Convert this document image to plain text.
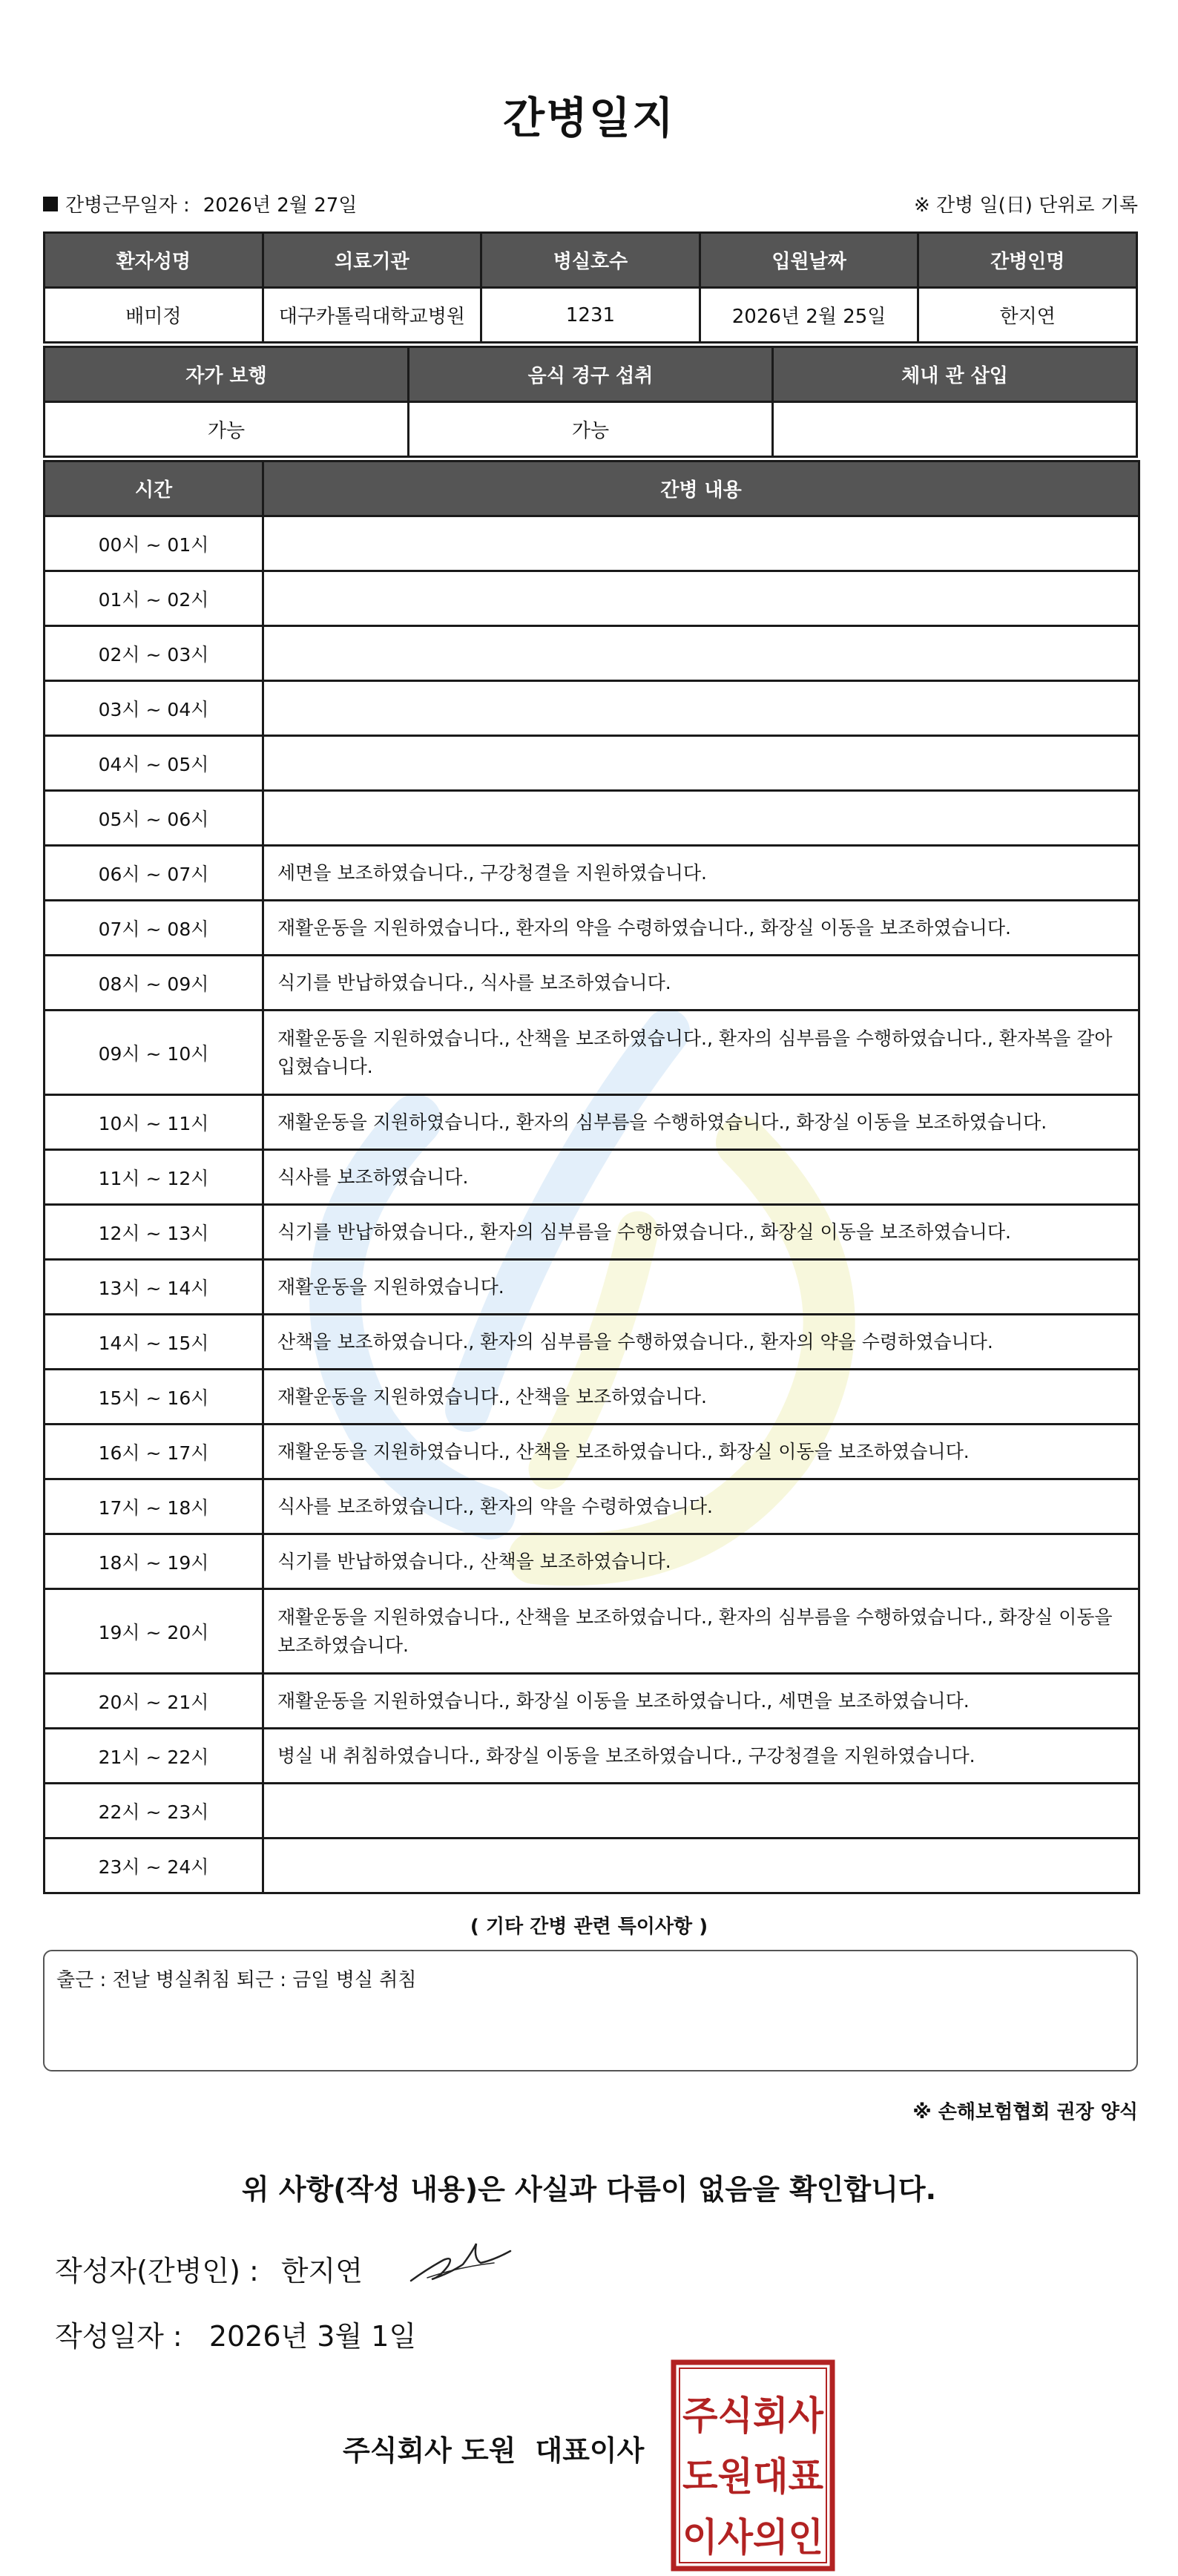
간병일지
간병근무일자 : 2026년 2월 27일	※ 간병 일(日) 단위로 기록
환자성명	의료기관	병실호수	입원날짜	간병인명
배미정	대구카톨릭대학교병원	1231	2026년 2월 25일	한지연
자가 보행	음식 경구 섭취	체내 관 삽입
가능	가능	
시간	간병 내용
00시 ~ 01시	
01시 ~ 02시	
02시 ~ 03시	
03시 ~ 04시	
04시 ~ 05시	
05시 ~ 06시	
06시 ~ 07시	세면을 보조하였습니다., 구강청결을 지원하였습니다.
07시 ~ 08시	재활운동을 지원하였습니다., 환자의 약을 수령하였습니다., 화장실 이동을 보조하였습니다.
08시 ~ 09시	식기를 반납하였습니다., 식사를 보조하였습니다.
09시 ~ 10시	재활운동을 지원하였습니다., 산책을 보조하였습니다., 환자의 심부름을 수행하였습니다., 환자복을 갈아입혔습니다.
10시 ~ 11시	재활운동을 지원하였습니다., 환자의 심부름을 수행하였습니다., 화장실 이동을 보조하였습니다.
11시 ~ 12시	식사를 보조하였습니다.
12시 ~ 13시	식기를 반납하였습니다., 환자의 심부름을 수행하였습니다., 화장실 이동을 보조하였습니다.
13시 ~ 14시	재활운동을 지원하였습니다.
14시 ~ 15시	산책을 보조하였습니다., 환자의 심부름을 수행하였습니다., 환자의 약을 수령하였습니다.
15시 ~ 16시	재활운동을 지원하였습니다., 산책을 보조하였습니다.
16시 ~ 17시	재활운동을 지원하였습니다., 산책을 보조하였습니다., 화장실 이동을 보조하였습니다.
17시 ~ 18시	식사를 보조하였습니다., 환자의 약을 수령하였습니다.
18시 ~ 19시	식기를 반납하였습니다., 산책을 보조하였습니다.
19시 ~ 20시	재활운동을 지원하였습니다., 산책을 보조하였습니다., 환자의 심부름을 수행하였습니다., 화장실 이동을 보조하였습니다.
20시 ~ 21시	재활운동을 지원하였습니다., 화장실 이동을 보조하였습니다., 세면을 보조하였습니다.
21시 ~ 22시	병실 내 취침하였습니다., 화장실 이동을 보조하였습니다., 구강청결을 지원하였습니다.
22시 ~ 23시	
23시 ~ 24시	
( 기타 간병 관련 특이사항 )
출근 : 전날 병실취침 퇴근 : 금일 병실 취침
※ 손해보험협회 권장 양식
위 사항(작성 내용)은 사실과 다름이 없음을 확인합니다.
작성자(간병인) : 한지연
작성일자 : 2026년 3월 1일
주식회사 도원 대표이사
주식회사
도원대표
이사의인
